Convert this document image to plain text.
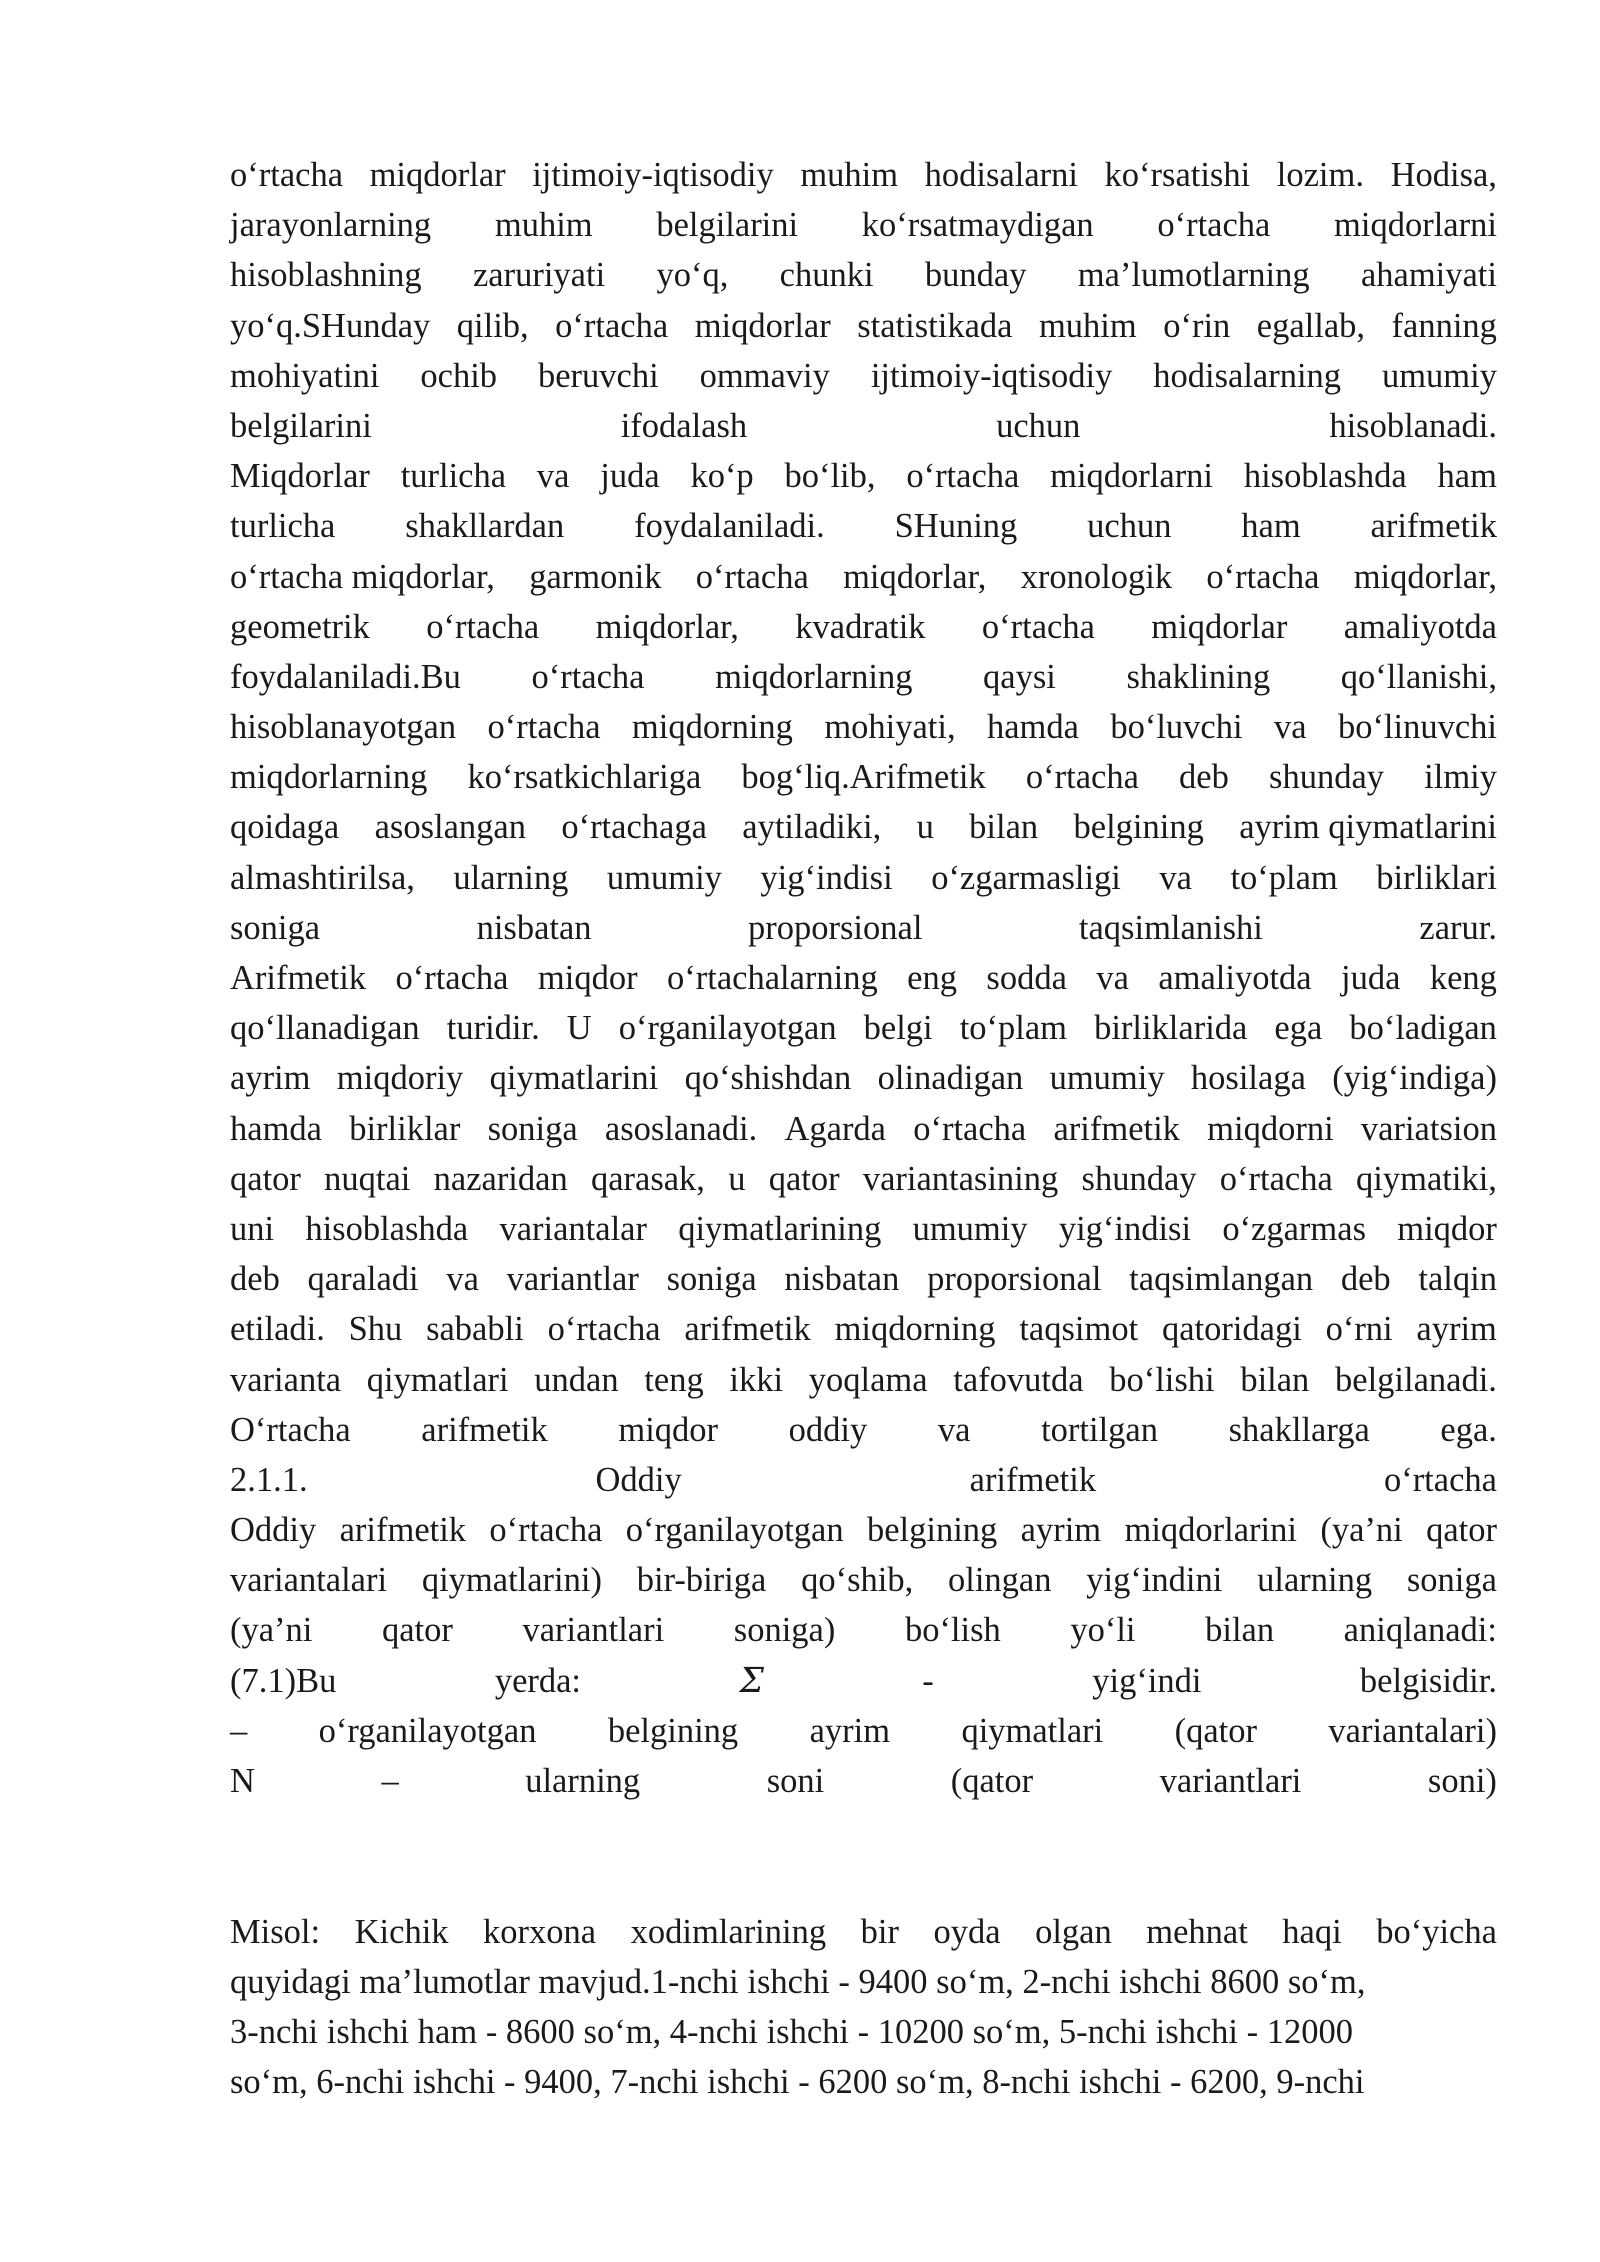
o‘rtacha miqdorlar ijtimoiy-iqtisodiy muhim hodisalarni ko‘rsatishi lozim. Hodisa,
jarayonlarning muhim belgilarini ko‘rsatmaydigan o‘rtacha miqdorlarni
hisoblashning zaruriyati yo‘q, chunki bunday ma’lumotlarning ahamiyati
yo‘q.SHunday qilib, o‘rtacha miqdorlar statistikada muhim o‘rin egallab, fanning
mohiyatini ochib beruvchi ommaviy ijtimoiy-iqtisodiy hodisalarning umumiy
belgilarini	ifodalash	uchun	hisoblanadi.
Miqdorlar turlicha va juda ko‘p bo‘lib, o‘rtacha miqdorlarni hisoblashda ham
turlicha shakllardan foydalaniladi. SHuning uchun ham arifmetik
o‘rtacha miqdorlar, garmonik o‘rtacha miqdorlar, xronologik o‘rtacha miqdorlar,
geometrik o‘rtacha miqdorlar, kvadratik o‘rtacha miqdorlar amaliyotda
foydalaniladi.Bu o‘rtacha miqdorlarning qaysi shaklining qo‘llanishi,
hisoblanayotgan o‘rtacha miqdorning mohiyati, hamda bo‘luvchi va bo‘linuvchi
miqdorlarning ko‘rsatkichlariga bog‘liq.Arifmetik o‘rtacha deb shunday ilmiy
qoidaga asoslangan o‘rtachaga aytiladiki, u bilan belgining ayrim qiymatlarini
almashtirilsa, ularning umumiy yig‘indisi o‘zgarmasligi va to‘plam birliklari
soniga	nisbatan	proporsional	taqsimlanishi	zarur.
Arifmetik o‘rtacha miqdor o‘rtachalarning eng sodda va amaliyotda juda keng
qo‘llanadigan turidir. U o‘rganilayotgan belgi to‘plam birliklarida ega bo‘ladigan
ayrim miqdoriy qiymatlarini qo‘shishdan olinadigan umumiy hosilaga (yig‘indiga)
hamda birliklar soniga asoslanadi. Agarda o‘rtacha arifmetik miqdorni variatsion
qator nuqtai nazaridan qarasak, u qator variantasining shunday o‘rtacha qiymatiki,
uni hisoblashda variantalar qiymatlarining umumiy yig‘indisi o‘zgarmas miqdor
deb qaraladi va variantlar soniga nisbatan proporsional taqsimlangan deb talqin
etiladi. Shu sababli o‘rtacha arifmetik miqdorning taqsimot qatoridagi o‘rni ayrim
varianta qiymatlari undan teng ikki yoqlama tafovutda bo‘lishi bilan belgilanadi.
O‘rtacha arifmetik miqdor oddiy va tortilgan shakllarga ega.
2.1.1.	Oddiy	arifmetik	o‘rtacha
Oddiy arifmetik o‘rtacha o‘rganilayotgan belgining ayrim miqdorlarini (ya’ni qator
variantalari qiymatlarini) bir-biriga qo‘shib, olingan yig‘indini ularning soniga
(ya’ni qator variantlari soniga) bo‘lish yo‘li bilan aniqlanadi:
(7.1)Bu	yerda:	Σ	-	yig‘indi	belgisidir.
– o‘rganilayotgan belgining ayrim qiymatlari (qator variantalari)
N	–	ularning	soni	(qator	variantlari	soni)
Misol: Kichik korxona xodimlarining bir oyda olgan mehnat haqi bo‘yicha
quyidagi ma’lumotlar mavjud.1-nchi ishchi - 9400 so‘m, 2-nchi ishchi 8600 so‘m,
3-nchi ishchi ham - 8600 so‘m, 4-nchi ishchi - 10200 so‘m, 5-nchi ishchi - 12000
so‘m, 6-nchi ishchi - 9400, 7-nchi ishchi - 6200 so‘m, 8-nchi ishchi - 6200, 9-nchi
